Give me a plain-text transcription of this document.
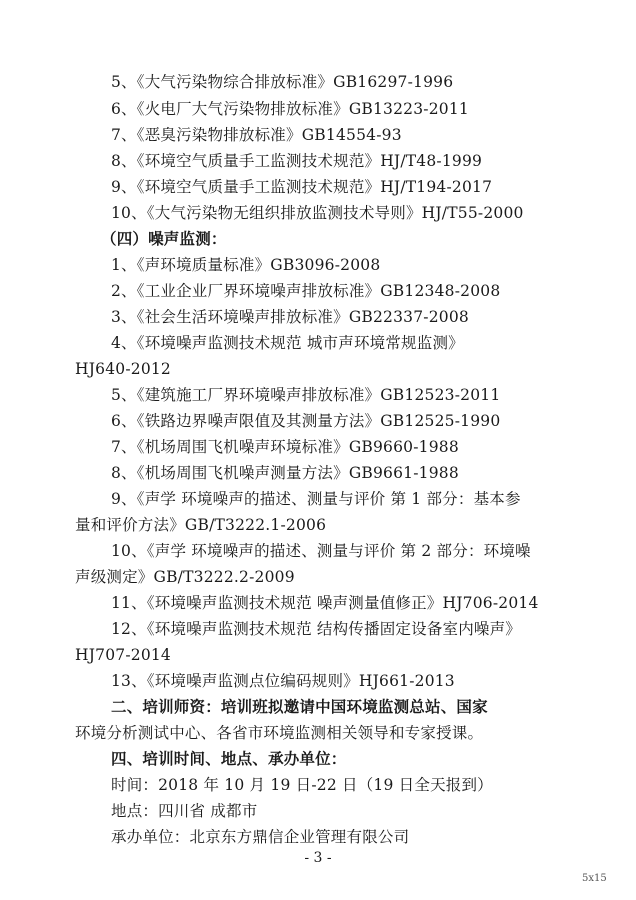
5、《大气污染物综合排放标准》GB16297-1996
6、《火电厂大气污染物排放标准》GB13223-2011
7、《恶臭污染物排放标准》GB14554-93
8、《环境空气质量手工监测技术规范》HJ/T48-1999
9、《环境空气质量手工监测技术规范》HJ/T194-2017
10、《大气污染物无组织排放监测技术导则》HJ/T55-2000
（四）噪声监测：
1、《声环境质量标准》GB3096-2008
2、《工业企业厂界环境噪声排放标准》GB12348-2008
3、《社会生活环境噪声排放标准》GB22337-2008
4、《环境噪声监测技术规范 城市声环境常规监测》
HJ640-2012
5、《建筑施工厂界环境噪声排放标准》GB12523-2011
6、《铁路边界噪声限值及其测量方法》GB12525-1990
7、《机场周围飞机噪声环境标准》GB9660-1988
8、《机场周围飞机噪声测量方法》GB9661-1988
9、《声学 环境噪声的描述、测量与评价 第 1 部分：基本参
量和评价方法》GB/T3222.1-2006
10、《声学 环境噪声的描述、测量与评价 第 2 部分：环境噪
声级测定》GB/T3222.2-2009
11、《环境噪声监测技术规范 噪声测量值修正》HJ706-2014
12、《环境噪声监测技术规范 结构传播固定设备室内噪声》
HJ707-2014
13、《环境噪声监测点位编码规则》HJ661-2013
二、培训师资：培训班拟邀请中国环境监测总站、国家
环境分析测试中心、各省市环境监测相关领导和专家授课。
四、培训时间、地点、承办单位：
时间：2018 年 10 月 19 日-22 日（19 日全天报到）
地点：四川省 成都市
承办单位：北京东方鼎信企业管理有限公司
- 3 -
5x15
